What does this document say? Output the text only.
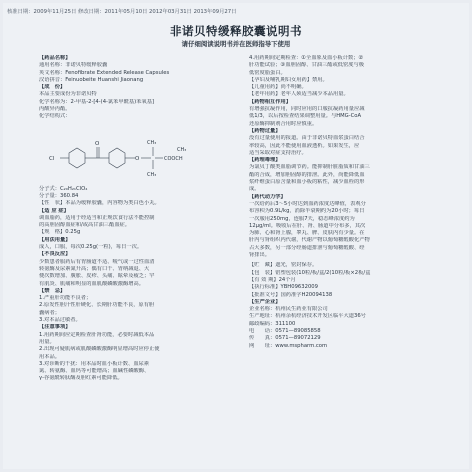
核准日期：2009年11月25日 修改日期：2011年05月10日 2012年03月31日 2013年09月27日
非诺贝特缓释胶囊说明书
请仔细阅读说明书并在医师指导下使用
【药品名称】
通用名称：非诺贝特缓释胶囊
英文名称：Fenofibrate Extended Release Capsules
汉语拼音：Feinuobeite Huanshi Jiaonang
【成　份】
本品主要成份为非诺贝特
化学名称为：2-甲基-2-[4-(4-氯苯甲酰基)苯氧基]
丙酸异丙酯。
化学结构式：
Cl
O
O
CH₃
CH₃
COOCH
CH₃
分子式：C₂₀H₂₁ClO₄
分子量：360.84
【性　状】本品为缓释胶囊，内容物为类白色小丸。
【适 应 症】
调血脂药，适用于经适当和正规饮食行法不能控制
的高胆固醇血症和/或高甘油三酯血症。
【规　格】0.25g
【用法用量】
成人，口服，每次0.25g(一粒)，每日一次。
【不良反应】
少数患者服药后有胃肠道不适、嗳气或一过性血清
转氨酶及尿素氮升高；偶有口干、胃纳减退、大
便次数增加、腹胀、皮疹、头痛、眩晕及疲乏；罕
有肌炎、肌痛和明显的血肌酸磷酸激酶增高。
【禁　忌】
1.严重肝功能不良者；
2.原发性胆汁性肝硬化、长期肝功能不良，原有胆
囊病者；
3.对本品过敏者。
【注意事项】
1.用药期间应定期检查肝肾功能，必要时减低本品
用量。
2.出现可疑肌病或肌酸磷酸激酶明显增高时应停止使
用本品。
3.对诊断的干扰：用本品时血小板计数、血尿素
氮、转氨酶、血钙等可能增高；血碱性磷酸酶、
γ-谷氨酰转肽酶及胆红素可能降低。
4.用药期间定期检查：①全血象及血小板计数；②
肝功能试验；③血胆固醇、甘油三酯或低密度与极
低密度脂蛋白。
【孕妇及哺乳期妇女用药】禁用。
【儿童用药】尚不明确。
【老年用药】老年人须适当减少本品用量。
【药物相互作用】
有增强抗凝作用，同时应用的口服抗凝药用量应减
低1/3，以后按检查结果调整用量。与HMG-CoA
还原酶抑制剂合用时应慎重。
【药物过量】
没有过量使用的报道。由于非诺贝特血浆蛋白结合
率较高，因此不能使用血液透析。如果发生，应
适当采取对症支持治疗。
【药理毒理】
为氯贝丁酸类血脂调节药。能抑制肝脏脂质和甘油三
酯的合成，增加胆固醇的排泄。此外，尚能降低血
浆纤维蛋白原含量和血小板的粘性，减少血栓的形
成。
【药代动力学】
一次给药后3～5小时达到血药浓度达峰值，表观分
布容积为0.9L/kg，消除半衰期约为20小时；每日
一次服用250mg，连服7天，稳态峰浓度约为
12μg/ml。吸收后在肝、肾、肠道中分布多，其次
为肺、心和肾上腺，睾丸、脾、皮肤内有少量。在
肝内与肾组织内代谢，代谢产物以葡萄糖醛酸化产物
占大多数，另一部分经肠道排泄与葡萄糖醛酸、经
肾排出。
【贮　藏】遮光，密封保存。
【包　装】铝塑包装(10粒/板/盒/2(10粒/板×2板/盒
【有 效 期】24个月
【执行标准】YBH09632009
【批准文号】国药准字H20094138
【生产企业】
企业名称：杭州民生药业有限公司
生产地址：杭州余杭经济技术开发区临平大道36号
邮政编码：311100
电　　话：0571—89085858
传　　真：0571—89072129
网　　址：www.mspharm.com
